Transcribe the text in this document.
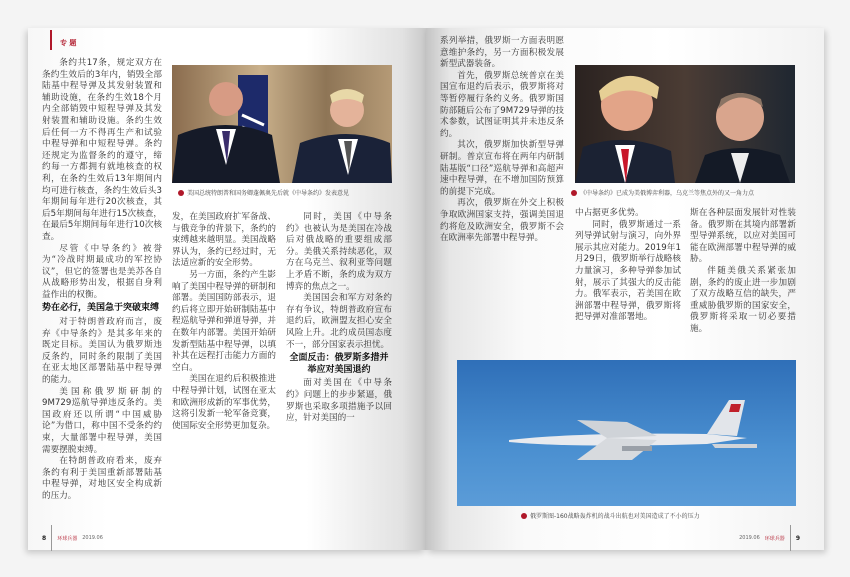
专 题

条约共17条，规定双方在条约生效后的3年内，销毁全部陆基中程导弹及其发射装置和辅助设施，在条约生效18个月内全部销毁中短程导弹及其发射装置和辅助设施。条约生效后任何一方不得再生产和试验中程导弹和中短程导弹。条约还规定为监督条约的遵守，缔约每一方都拥有就地核查的权利，在条约生效后13年期间内均可进行核查，条约生效后头3年期间每年进行20次核查，其后5年期间每年进行15次核查，在最后5年期间每年进行10次核查。

尽管《中导条约》被誉为“冷战时期最成功的军控协议”，但它的签署也是美苏各自从战略形势出发，根据自身利益作出的权衡。

势在必行，美国急于突破束缚

对于特朗普政府而言，废弃《中导条约》是其多年来的既定目标。美国认为俄罗斯违反条约，同时条约限制了美国在亚太地区部署陆基中程导弹的能力。

美国称俄罗斯研制的9M729巡航导弹违反条约。美国政府还以所谓“中国威胁论”为借口，称中国不受条约约束，大量部署中程导弹，美国需要摆脱束缚。

在特朗普政府看来，废弃条约有利于美国重新部署陆基中程导弹，对地区安全构成新的压力。

美国总统特朗普和国务卿蓬佩奥先后就《中导条约》发表意见

发，在美国政府扩军备战、与俄竞争的背景下，条约的束缚越来越明显。美国战略界认为，条约已经过时，无法适应新的安全形势。

另一方面，条约产生影响了美国中程导弹的研制和部署。美国国防部表示，退约后将立即开始研制陆基中程巡航导弹和弹道导弹，并在数年内部署。美国开始研发新型陆基中程导弹，以填补其在远程打击能力方面的空白。

美国在退约后积极推进中程导弹计划，试图在亚太和欧洲形成新的军事优势，这将引发新一轮军备竞赛，使国际安全形势更加复杂。

同时，美国《中导条约》也被认为是美国在冷战后对俄战略的重要组成部分。美俄关系持续恶化，双方在乌克兰、叙利亚等问题上矛盾不断，条约成为双方博弈的焦点之一。

美国国会和军方对条约存有争议，特朗普政府宣布退约后，欧洲盟友担心安全风险上升。北约成员国态度不一，部分国家表示担忧。

全面反击：俄罗斯多措并举应对美国退约

面对美国在《中导条约》问题上的步步紧逼，俄罗斯也采取多项措施予以回应，针对美国的一

8 环球兵器 2019.06

系列举措，俄罗斯一方面表明愿意维护条约，另一方面积极发展新型武器装备。

首先，俄罗斯总统普京在美国宣布退约后表示，俄罗斯将对等暂停履行条约义务。俄罗斯国防部随后公布了9M729导弹的技术参数，试图证明其并未违反条约。

其次，俄罗斯加快新型导弹研制。普京宣布将在两年内研制陆基版“口径”巡航导弹和高超声速中程导弹，在不增加国防预算的前提下完成。

再次，俄罗斯在外交上积极争取欧洲国家支持，强调美国退约将危及欧洲安全，俄罗斯不会在欧洲率先部署中程导弹。

《中导条约》已成为美俄博弈利器，乌克兰等焦点外的又一角力点

中占据更多优势。

同时，俄罗斯通过一系列导弹试射与演习，向外界展示其应对能力。2019年1月29日，俄罗斯举行战略核力量演习，多种导弹参加试射，展示了其强大的反击能力。俄军表示，若美国在欧洲部署中程导弹，俄罗斯将把导弹对准部署地。

斯在各种层面发展针对性装备。俄罗斯在其境内部署新型导弹系统，以应对美国可能在欧洲部署中程导弹的威胁。

伴随美俄关系紧张加剧，条约的废止进一步加剧了双方战略互信的缺失，严重威胁俄罗斯的国家安全，俄罗斯将采取一切必要措施。

俄罗斯图-160战略轰炸机的战斗出航也对美国造成了不小的压力
2019.06 环球兵器 9
